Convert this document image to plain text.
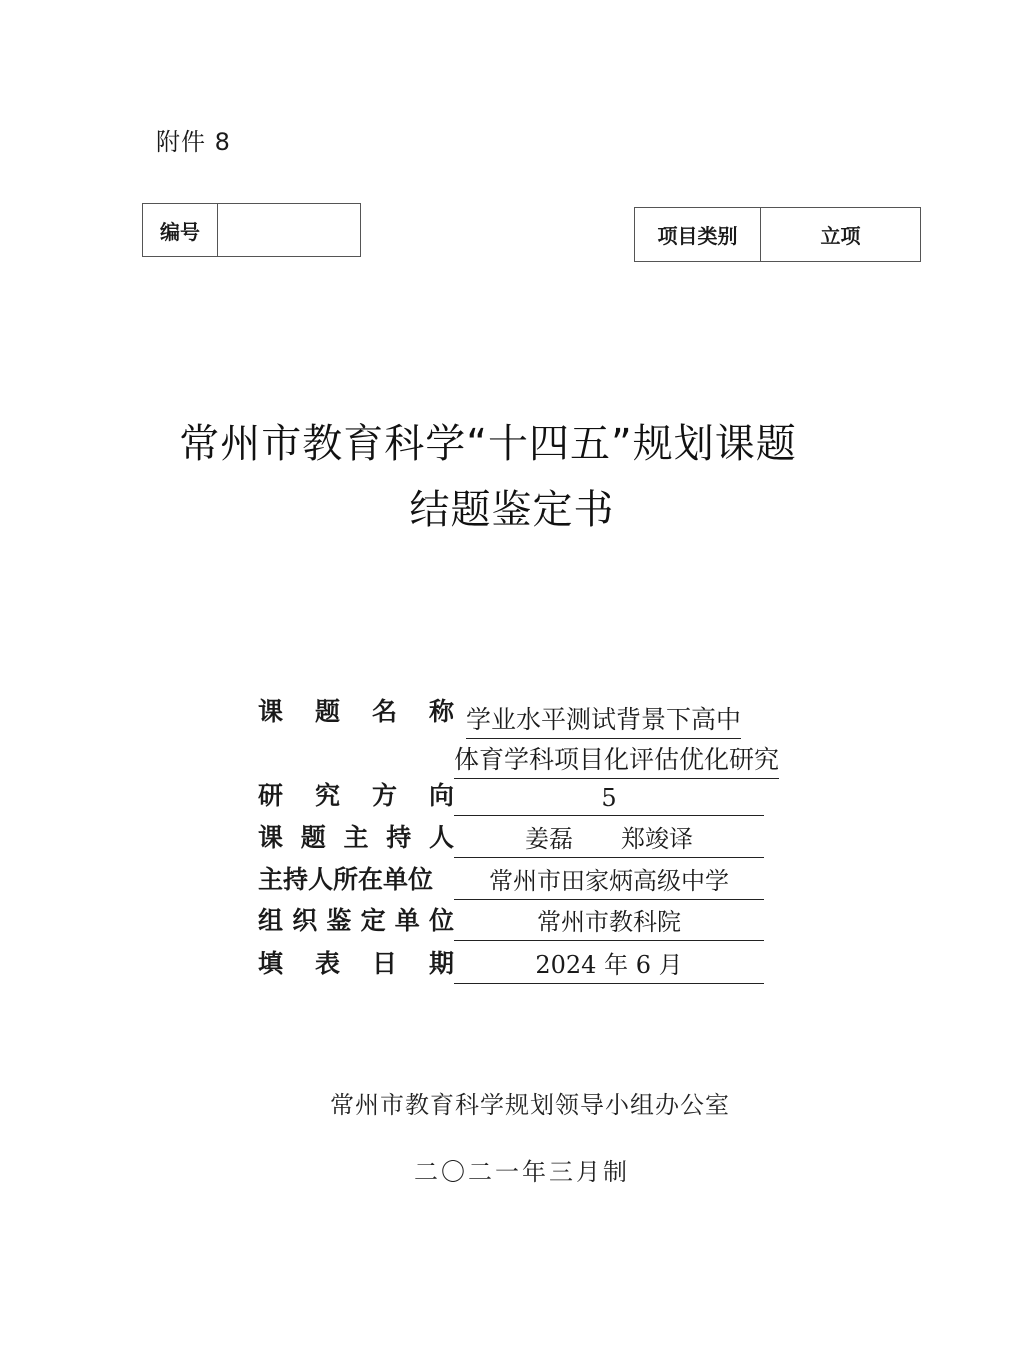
附件 8
编号	项目类别	立项
常州市教育科学“十四五”规划课题
结题鉴定书
课 题 名 称 学业水平测试背景下高中
体育学科项目化评估优化研究
研 究 方 向	5
课 题 主 持 人	姜磊　　郑竣译
主持人所在单位	常州市田家炳高级中学
组 织 鉴 定 单 位	常州市教科院
填 表 日 期	2024 年 6 月
常州市教育科学规划领导小组办公室
二〇二一年三月制
